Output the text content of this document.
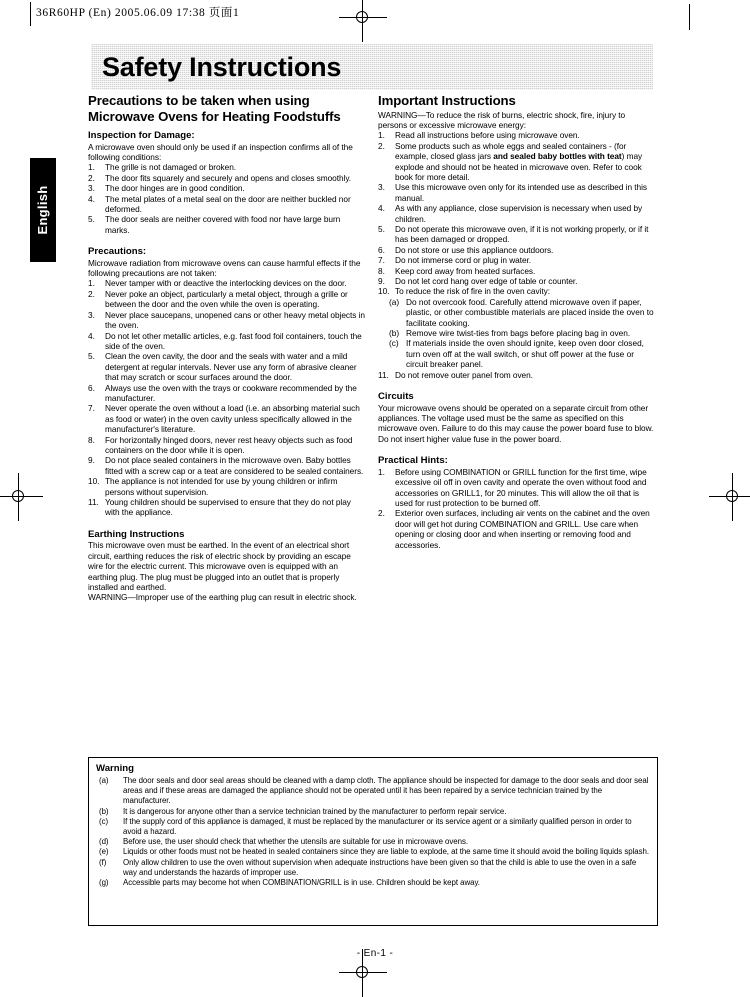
36R60HP (En) 2005.06.09 17:38 页面1
English
Safety Instructions
Precautions to be taken when using Microwave Ovens for Heating Foodstuffs
Inspection for Damage:

A microwave oven should only be used if an inspection confirms all of the following conditions:

1.	The grille is not damaged or broken.
2.	The door fits squarely and securely and opens and closes smoothly.
3.	The door hinges are in good condition.
4.	The metal plates of a metal seal on the door are neither buckled nor deformed.
5.	The door seals are neither covered with food nor have large burn marks.
Precautions:

Microwave radiation from microwave ovens can cause harmful effects if the following precautions are not taken:

1.	Never tamper with or deactive the interlocking devices on the door.
2.	Never poke an object, particularly a metal object, through a grille or between the door and the oven while the oven is operating.
3.	Never place saucepans, unopened cans or other heavy metal objects in the oven.
4.	Do not let other metallic articles, e.g. fast food foil containers, touch the side of the oven.
5.	Clean the oven cavity, the door and the seals with water and a mild detergent at regular intervals. Never use any form of abrasive cleaner that may scratch or scour surfaces around the door.
6.	Always use the oven with the trays or cookware recommended by the manufacturer.
7.	Never operate the oven without a load (i.e. an absorbing material such as food or water) in the oven cavity unless specifically allowed in the manufacturer's literature.
8.	For horizontally hinged doors, never rest heavy objects such as food containers on the door while it is open.
9.	Do not place sealed containers in the microwave oven. Baby bottles fitted with a screw cap or a teat are considered to be sealed containers.
10. The appliance is not intended for use by young children or infirm persons without supervision.
11. Young children should be supervised to ensure that they do not play with the appliance.
Earthing Instructions

This microwave oven must be earthed. In the event of an electrical short circuit, earthing reduces the risk of electric shock by providing an escape wire for the electric current. This microwave oven is equipped with an earthing plug. The plug must be plugged into an outlet that is properly installed and earthed.

WARNING—Improper use of the earthing plug can result in electric shock.

Important Instructions

WARNING—To reduce the risk of burns, electric shock, fire, injury to persons or excessive microwave energy:

1.	Read all instructions before using microwave oven.
2.	Some products such as whole eggs and sealed containers - (for example, closed glass jars and sealed baby bottles with teat) may explode and should not be heated in microwave oven. Refer to cook book for more detail.
3.	Use this microwave oven only for its intended use as described in this manual.
4.	As with any appliance, close supervision is necessary when used by children.
5.	Do not operate this microwave oven, if it is not working properly, or if it has been damaged or dropped.
6.	Do not store or use this appliance outdoors.
7.	Do not immerse cord or plug in water.
8.	Keep cord away from heated surfaces.
9.	Do not let cord hang over edge of table or counter.
10. To reduce the risk of fire in the oven cavity:
(a) Do not overcook food. Carefully attend microwave oven if paper, plastic, or other combustible materials are placed inside the oven to facilitate cooking.
(b) Remove wire twist-ties from bags before placing bag in oven.
(c) If materials inside the oven should ignite, keep oven door closed, turn oven off at the wall switch, or shut off power at the fuse or circuit breaker panel.
11. Do not remove outer panel from oven.
Circuits

Your microwave ovens should be operated on a separate circuit from other appliances. The voltage used must be the same as specified on this microwave oven. Failure to do this may cause the power board fuse to blow. Do not insert higher value fuse in the power board.

Practical Hints:
1.	Before using COMBINATION or GRILL function for the first time, wipe excessive oil off in oven cavity and operate the oven without food and accessories on GRILL1, for 20 minutes. This will allow the oil that is used for rust protection to be burned off.
2.	Exterior oven surfaces, including air vents on the cabinet and the oven door will get hot during COMBINATION and GRILL. Use care when opening or closing door and when inserting or removing food and accessories.
Warning
(a) The door seals and door seal areas should be cleaned with a damp cloth. The appliance should be inspected for damage to the door seals and door seal areas and if these areas are damaged the appliance should not be operated until it has been repaired by a service technician trained by the manufacturer.
(b) It is dangerous for anyone other than a service technician trained by the manufacturer to perform repair service.
(c) If the supply cord of this appliance is damaged, it must be replaced by the manufacturer or its service agent or a similarly qualified person in order to avoid a hazard.
(d) Before use, the user should check that whether the utensils are suitable for use in microwave ovens.
(e) Liquids or other foods must not be heated in sealed containers since they are liable to explode, at the same time it should avoid the boiling liquids splash.
(f) Only allow children to use the oven without supervision when adequate instructions have been given so that the child is able to use the oven in a safe way and understands the hazards of improper use.
(g) Accessible parts may become hot when COMBINATION/GRILL is in use. Children should be kept away.
- En-1 -
